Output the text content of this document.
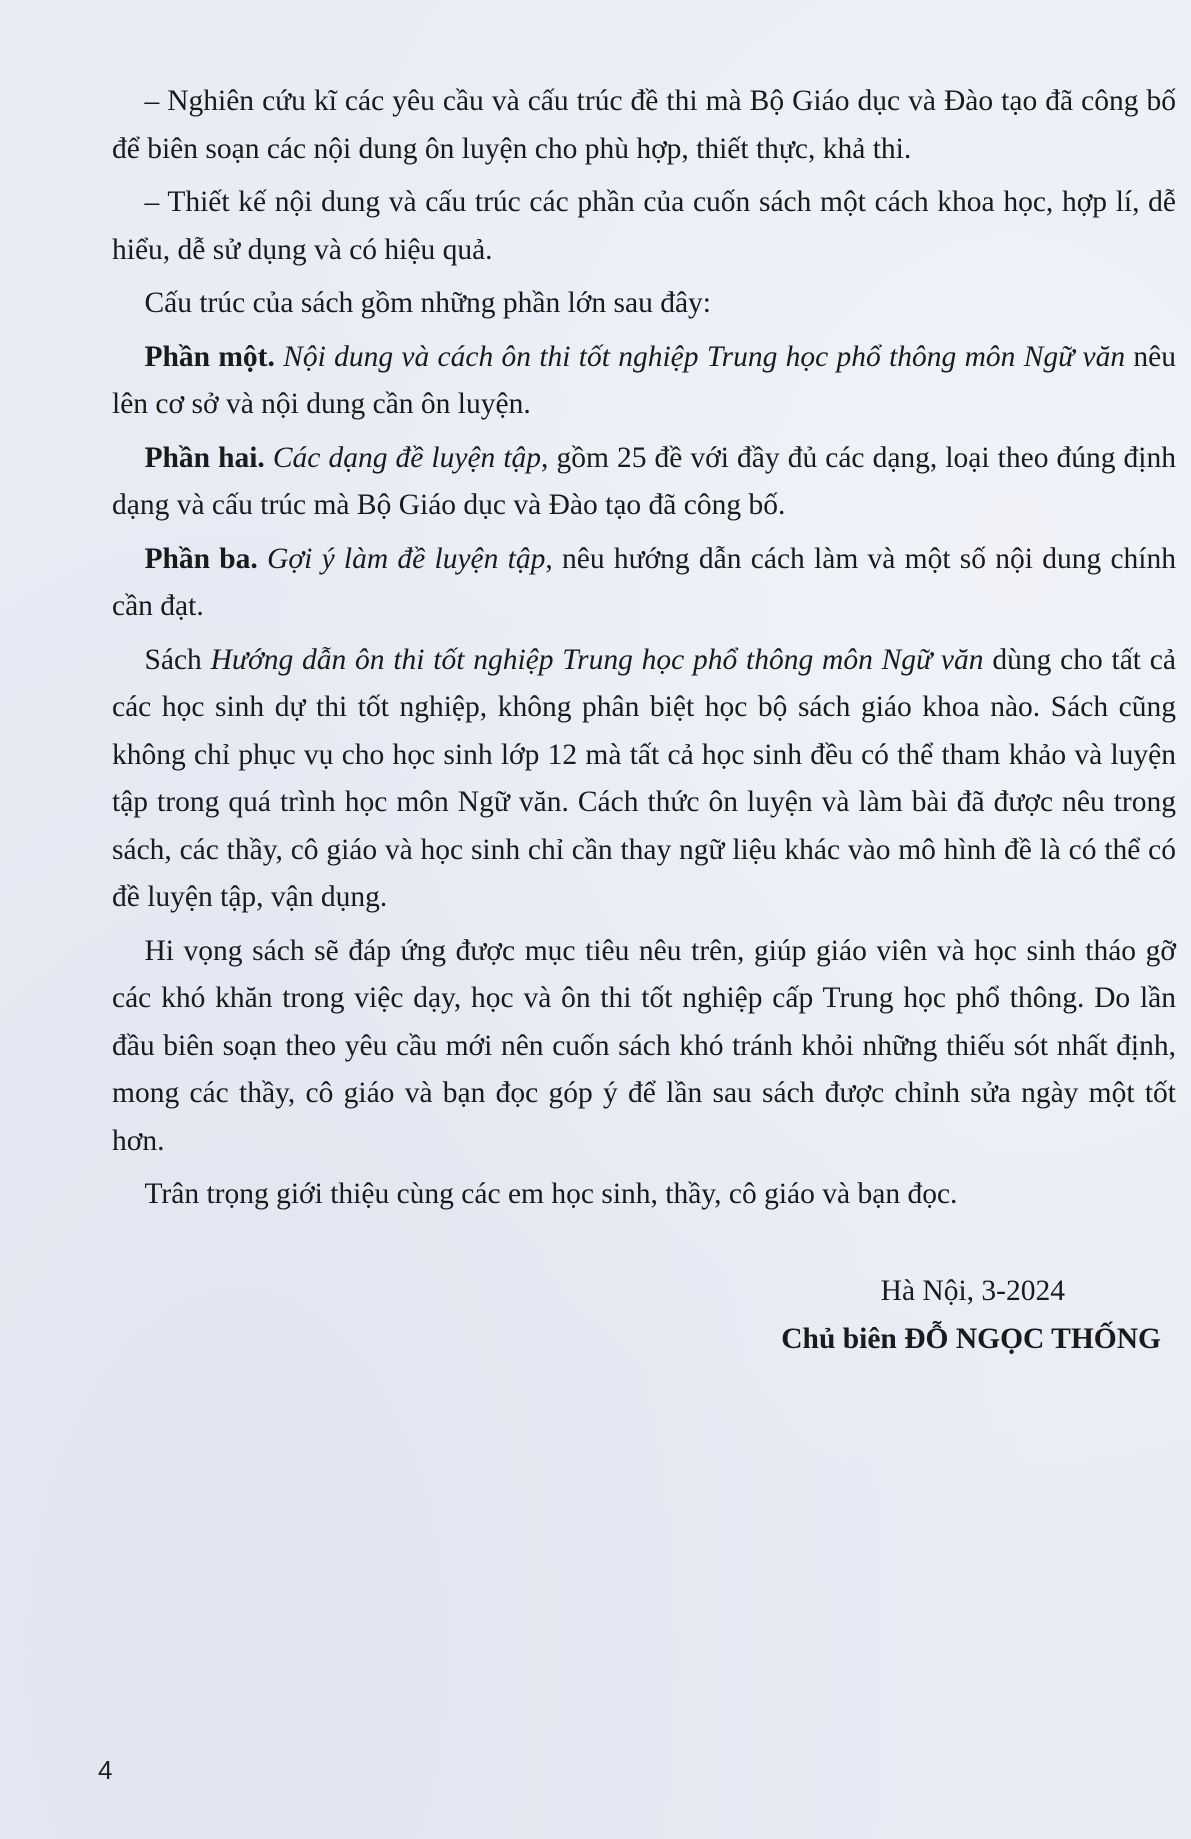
– Nghiên cứu kĩ các yêu cầu và cấu trúc đề thi mà Bộ Giáo dục và Đào tạo đã công bố để biên soạn các nội dung ôn luyện cho phù hợp, thiết thực, khả thi.

– Thiết kế nội dung và cấu trúc các phần của cuốn sách một cách khoa học, hợp lí, dễ hiểu, dễ sử dụng và có hiệu quả.

Cấu trúc của sách gồm những phần lớn sau đây:

Phần một. Nội dung và cách ôn thi tốt nghiệp Trung học phổ thông môn Ngữ văn nêu lên cơ sở và nội dung cần ôn luyện.

Phần hai. Các dạng đề luyện tập, gồm 25 đề với đầy đủ các dạng, loại theo đúng định dạng và cấu trúc mà Bộ Giáo dục và Đào tạo đã công bố.

Phần ba. Gợi ý làm đề luyện tập, nêu hướng dẫn cách làm và một số nội dung chính cần đạt.

Sách Hướng dẫn ôn thi tốt nghiệp Trung học phổ thông môn Ngữ văn dùng cho tất cả các học sinh dự thi tốt nghiệp, không phân biệt học bộ sách giáo khoa nào. Sách cũng không chỉ phục vụ cho học sinh lớp 12 mà tất cả học sinh đều có thể tham khảo và luyện tập trong quá trình học môn Ngữ văn. Cách thức ôn luyện và làm bài đã được nêu trong sách, các thầy, cô giáo và học sinh chỉ cần thay ngữ liệu khác vào mô hình đề là có thể có đề luyện tập, vận dụng.

Hi vọng sách sẽ đáp ứng được mục tiêu nêu trên, giúp giáo viên và học sinh tháo gỡ các khó khăn trong việc dạy, học và ôn thi tốt nghiệp cấp Trung học phổ thông. Do lần đầu biên soạn theo yêu cầu mới nên cuốn sách khó tránh khỏi những thiếu sót nhất định, mong các thầy, cô giáo và bạn đọc góp ý để lần sau sách được chỉnh sửa ngày một tốt hơn.

Trân trọng giới thiệu cùng các em học sinh, thầy, cô giáo và bạn đọc.

Hà Nội, 3-2024
Chủ biên ĐỖ NGỌC THỐNG
4
